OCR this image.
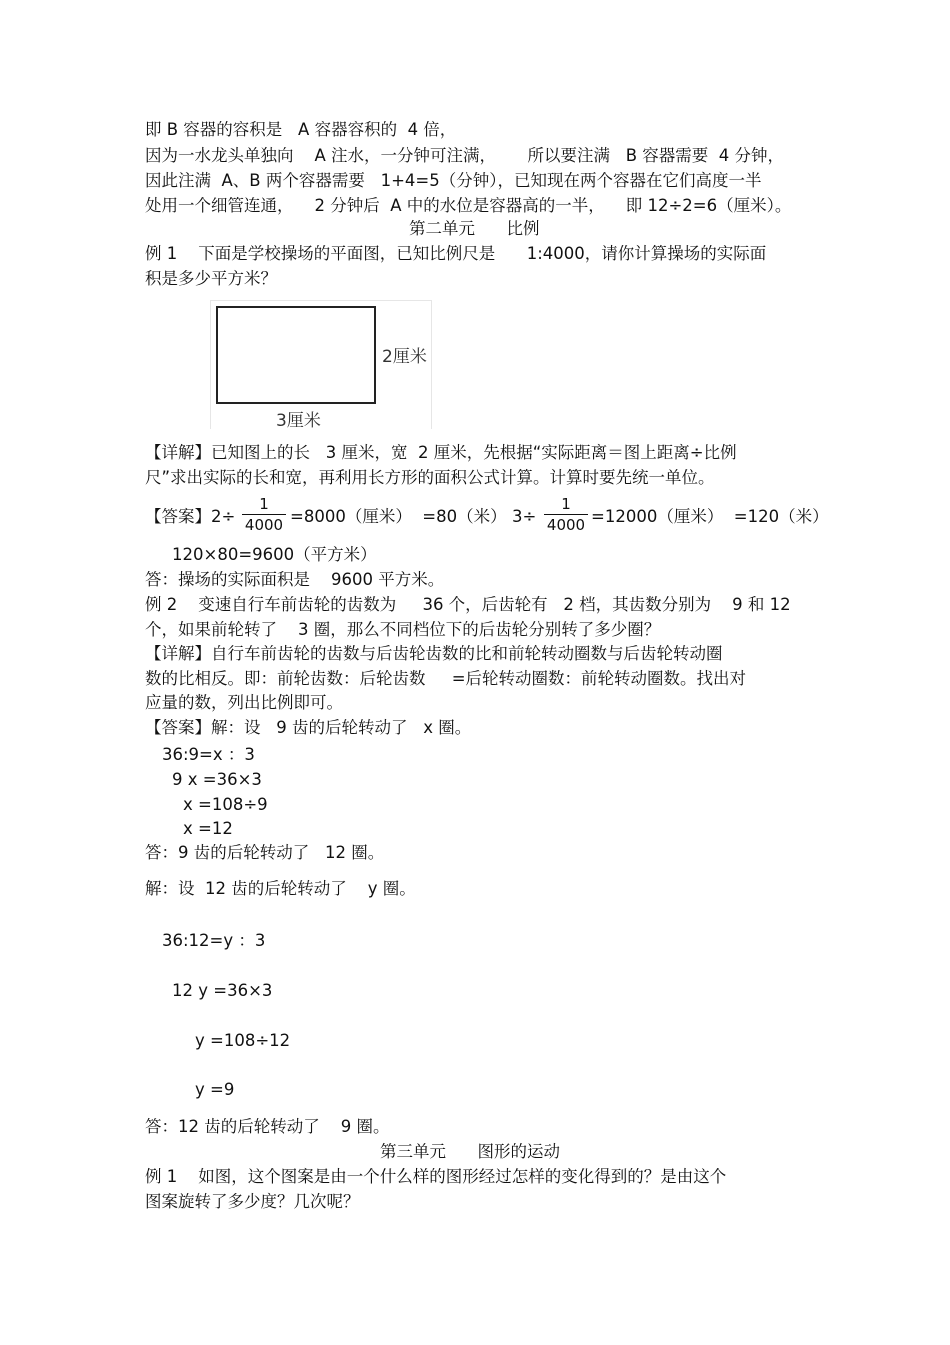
即 B 容器的容积是   A 容器容积的  4 倍，
因为一水龙头单独向    A 注水，一分钟可注满，      所以要注满   B 容器需要  4 分钟，
因此注满  A、B 两个容器需要   1+4=5（分钟），已知现在两个容器在它们高度一半
处用一个细管连通，    2 分钟后  A 中的水位是容器高的一半，    即 12÷2=6（厘米）。
第二单元      比例
例 1    下面是学校操场的平面图，已知比例尺是      1:4000，请你计算操场的实际面
积是多少平方米？
2厘米
3厘米
【详解】已知图上的长   3 厘米，宽  2 厘米，先根据“实际距离＝图上距离÷比例
尺”求出实际的长和宽，再利用长方形的面积公式计算。计算时要先统一单位。
【答案】2÷
1
4000 =8000（厘米）  =80（米） 3÷
1
4000 =12000（厘米）  =120（米）
120×80=9600（平方米）
答：操场的实际面积是    9600 平方米。
例 2    变速自行车前齿轮的齿数为     36 个，后齿轮有   2 档，其齿数分别为    9 和 12
个，如果前轮转了    3 圈，那么不同档位下的后齿轮分别转了多少圈？
【详解】自行车前齿轮的齿数与后齿轮齿数的比和前轮转动圈数与后齿轮转动圈
数的比相反。即：前轮齿数：后轮齿数     =后轮转动圈数：前轮转动圈数。找出对
应量的数，列出比例即可。
【答案】解：设   9 齿的后轮转动了   x 圈。
36:9=x ：3
9 x =36×3
x =108÷9
x =12
答：9 齿的后轮转动了   12 圈。
解：设  12 齿的后轮转动了    y 圈。
36:12=y ：3
12 y =36×3
y =108÷12
y =9
答：12 齿的后轮转动了    9 圈。
第三单元      图形的运动
例 1    如图，这个图案是由一个什么样的图形经过怎样的变化得到的？是由这个
图案旋转了多少度？几次呢？
